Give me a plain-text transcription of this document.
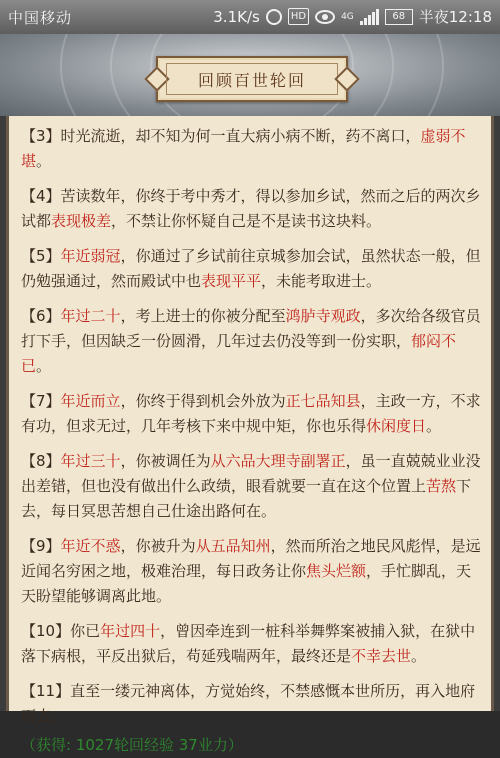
中国移动	3.1K/s	HD	4G	68 半夜12:18
回顾百世轮回
【3】时光流逝，却不知为何一直大病小病不断，药不离口，虚弱不堪。
【4】苦读数年，你终于考中秀才，得以参加乡试，然而之后的两次乡试都表现极差，不禁让你怀疑自己是不是读书这块料。
【5】年近弱冠，你通过了乡试前往京城参加会试，虽然状态一般，但仍勉强通过，然而殿试中也表现平平，未能考取进士。
【6】年过二十，考上进士的你被分配至鸿胪寺观政，多次给各级官员打下手，但因缺乏一份圆滑，几年过去仍没等到一份实职，郁闷不已。
【7】年近而立，你终于得到机会外放为正七品知县，主政一方，不求有功，但求无过，几年考核下来中规中矩，你也乐得休闲度日。
【8】年过三十，你被调任为从六品大理寺副署正，虽一直兢兢业业没出差错，但也没有做出什么政绩，眼看就要一直在这个位置上苦熬下去，每日冥思苦想自己仕途出路何在。
【9】年近不惑，你被升为从五品知州，然而所治之地民风彪悍，是远近闻名穷困之地，极难治理，每日政务让你焦头烂额，手忙脚乱，天天盼望能够调离此地。
【10】你已年过四十，曾因牵连到一桩科举舞弊案被捕入狱，在狱中落下病根，平反出狱后，苟延残喘两年，最终还是不幸去世。
【11】直至一缕元神离体，方觉始终，不禁感慨本世所历，再入地府而去。
（获得: 1027轮回经验 37业力）
